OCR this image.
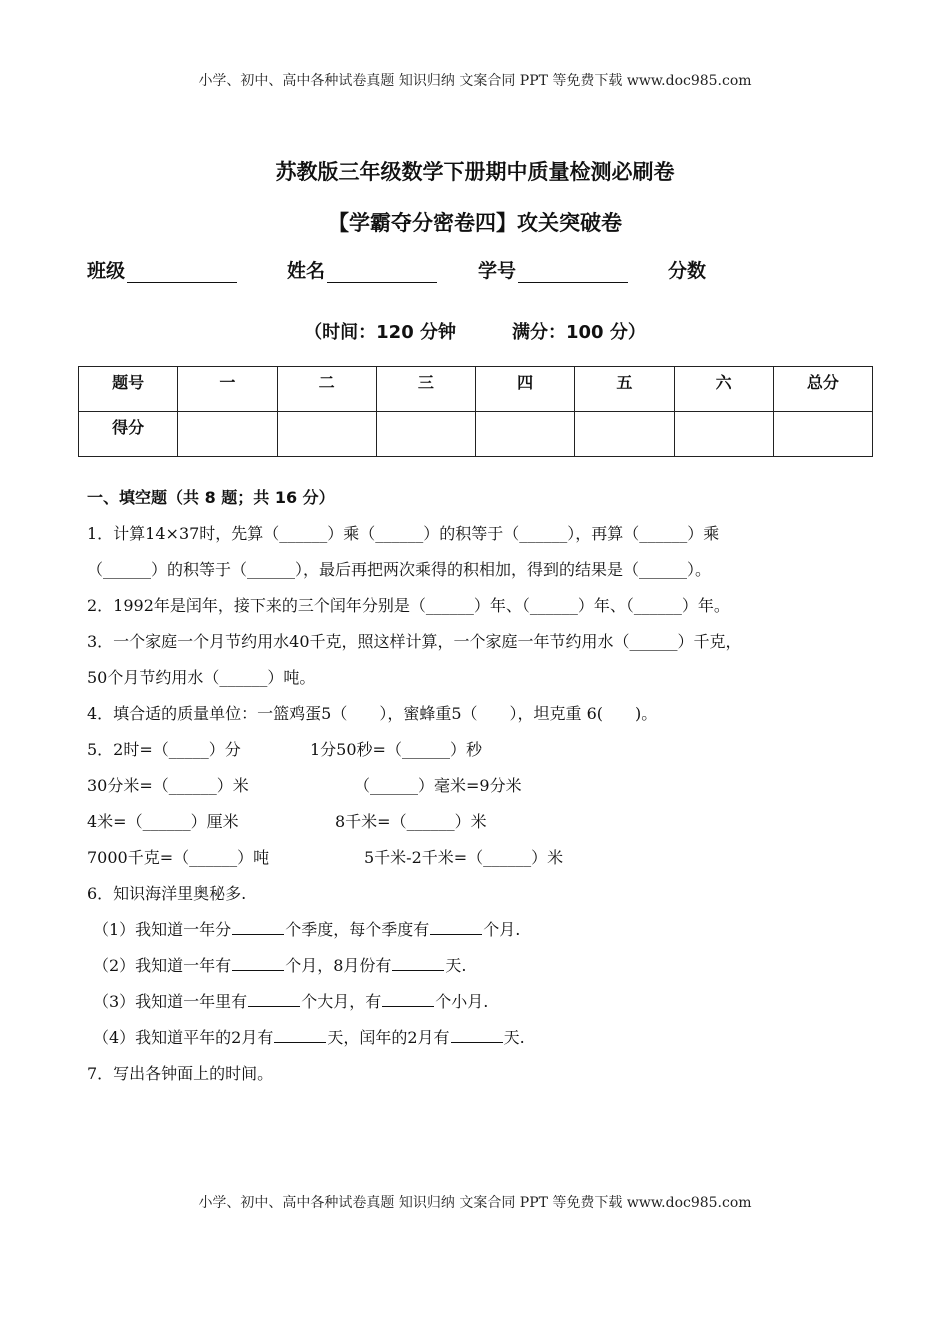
小学、初中、高中各种试卷真题 知识归纳 文案合同 PPT 等免费下载 www.doc985.com
苏教版三年级数学下册期中质量检测必刷卷
【学霸夺分密卷四】攻关突破卷
班级	姓名	学号	分数
（时间：120 分钟	满分：100 分）
题号	一	二	三	四	五	六	总分
得分							
一、填空题（共 8 题；共 16 分）
1．计算14×37时，先算（______）乘（______）的积等于（______），再算（______）乘
（______）的积等于（______），最后再把两次乘得的积相加，得到的结果是（______）。
2．1992年是闰年，接下来的三个闰年分别是（______）年、（______）年、（______）年。
3．一个家庭一个月节约用水40千克，照这样计算，一个家庭一年节约用水（______）千克，
50个月节约用水（______）吨。
4．填合适的质量单位：一篮鸡蛋5（　　），蜜蜂重5（　　），坦克重 6(　　)。
5．2时=（_____）分	1分50秒=（______）秒
30分米=（______）米	（______）毫米=9分米
4米=（______）厘米	8千米=（______）米
7000千克=（______）吨	5千米-2千米=（______）米
6．知识海洋里奥秘多.
（1）我知道一年分	个季度，每个季度有	个月.
（2）我知道一年有	个月，8月份有	天.
（3）我知道一年里有	个大月，有	个小月.
（4）我知道平年的2月有	天，闰年的2月有	天.
7．写出各钟面上的时间。
小学、初中、高中各种试卷真题 知识归纳 文案合同 PPT 等免费下载 www.doc985.com
